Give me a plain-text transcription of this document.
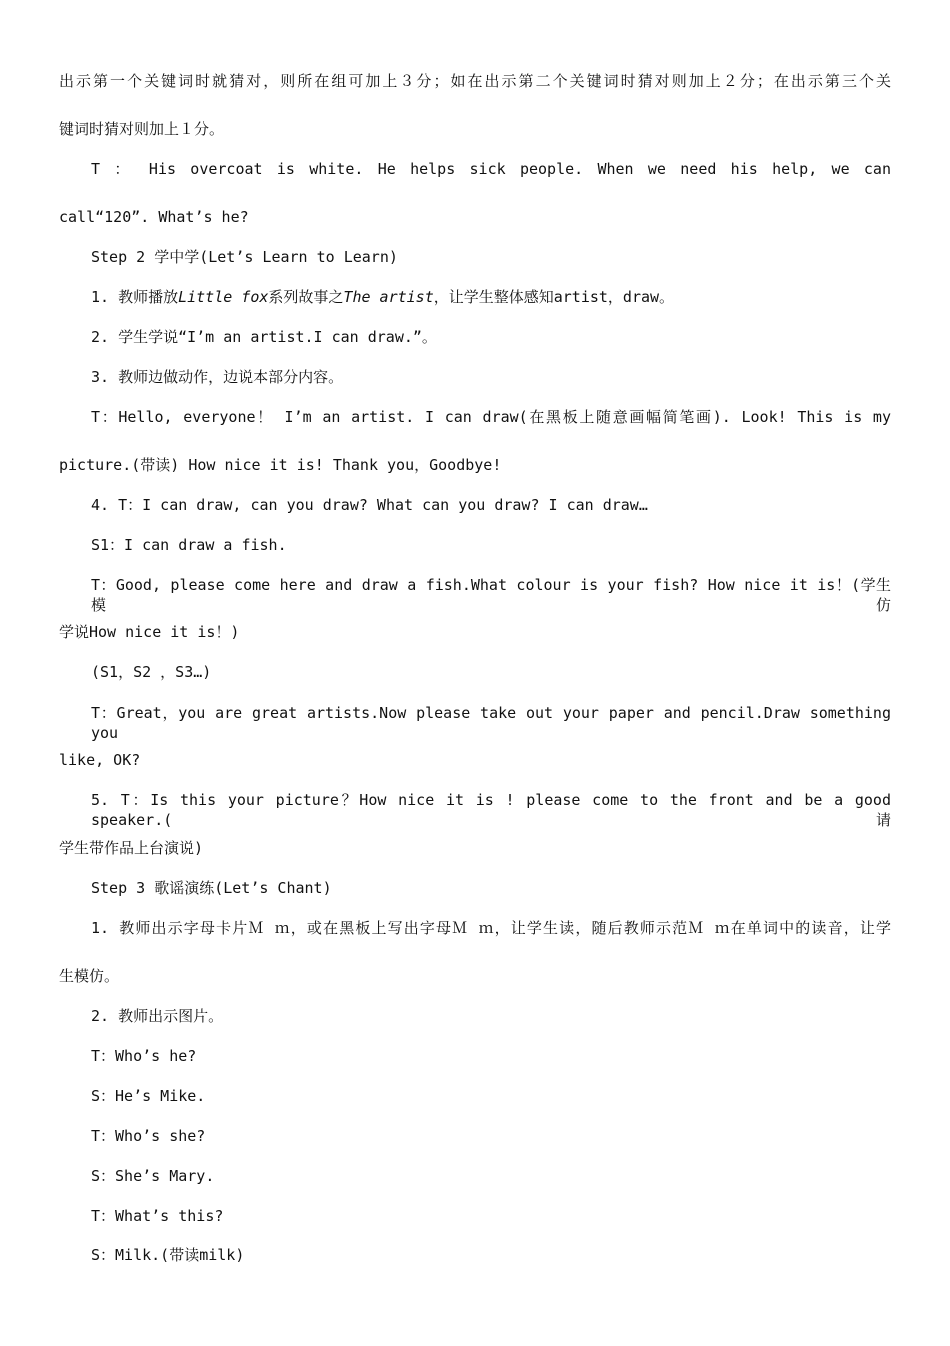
出示第一个关键词时就猜对，则所在组可加上３分；如在出示第二个关键词时猜对则加上２分；在出示第三个关
键词时猜对则加上１分。
T ： His overcoat is white. He helps sick people. When we need his help, we can
call“120”. What’s he?
Step 2 学中学(Let’s Learn to Learn)
1. 教师播放Little fox系列故事之The artist，让学生整体感知artist，draw。
2. 学生学说“I’m an artist.I can draw.”。
3. 教师边做动作，边说本部分内容。
T：Hello, everyone！ I’m an artist. I can draw(在黑板上随意画幅简笔画). Look! This is my
picture.(带读) How nice it is! Thank you，Goodbye!
4. T：I can draw, can you draw? What can you draw? I can draw…
S1：I can draw a fish.
T：Good, please come here and draw a fish.What colour is your fish? How nice it is！(学生模仿
学说How nice it is！)
(S1，S2 ，S3…)
T：Great，you are great artists.Now please take out your paper and pencil.Draw something you
like, OK?
5. T：Is this your picture？How nice it is ! please come to the front and be a good speaker.(请
学生带作品上台演说)
Step 3 歌谣演练(Let’s Chant)
1. 教师出示字母卡片Ｍ ｍ，或在黑板上写出字母Ｍ ｍ，让学生读，随后教师示范Ｍ ｍ在单词中的读音，让学
生模仿。
2. 教师出示图片。
T：Who’s he?
S：He’s Mike.
T：Who’s she?
S：She’s Mary.
T：What’s this?
S：Milk.(带读milk)
